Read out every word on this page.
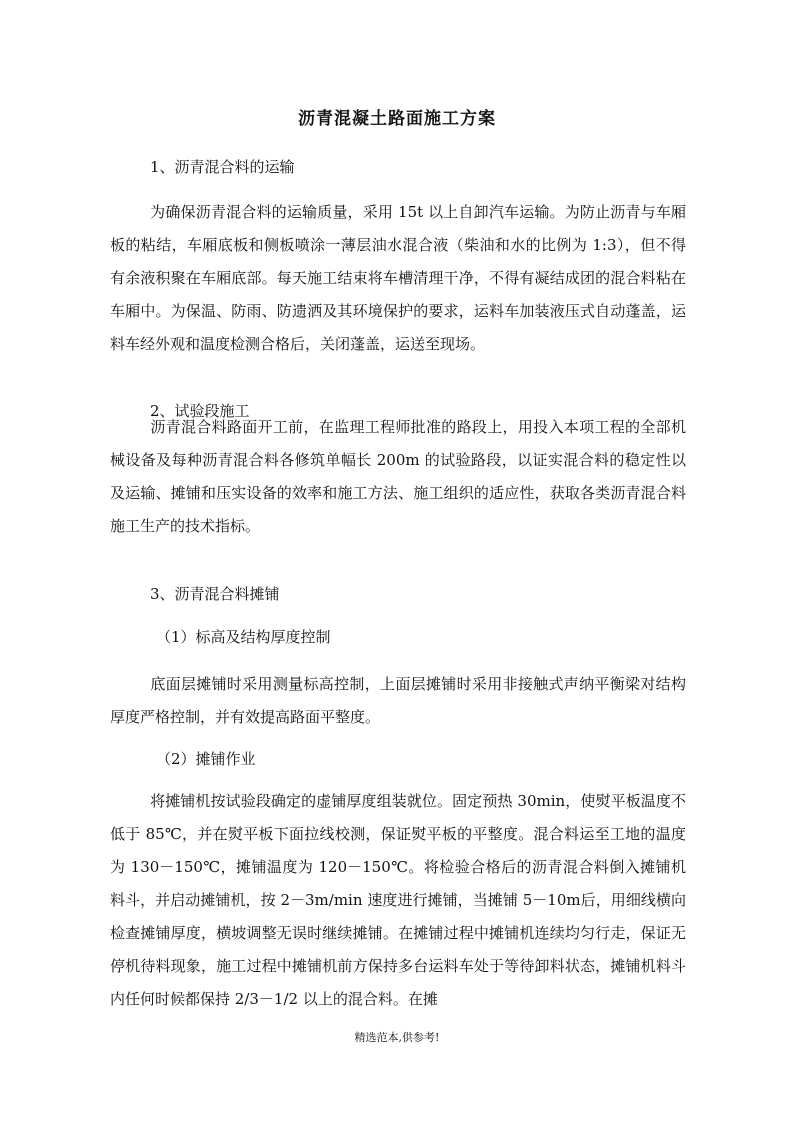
沥青混凝土路面施工方案
1、沥青混合料的运输
为确保沥青混合料的运输质量，采用 15t 以上自卸汽车运输。为防止沥青与车厢板的粘结，车厢底板和侧板喷涂一薄层油水混合液（柴油和水的比例为 1:3），但不得有余液积聚在车厢底部。每天施工结束将车槽清理干净，不得有凝结成团的混合料粘在车厢中。为保温、防雨、防遗洒及其环境保护的要求，运料车加装液压式自动蓬盖，运料车经外观和温度检测合格后，关闭蓬盖，运送至现场。
2、试验段施工
沥青混合料路面开工前，在监理工程师批准的路段上，用投入本项工程的全部机械设备及每种沥青混合料各修筑单幅长 200m 的试验路段，以证实混合料的稳定性以及运输、摊铺和压实设备的效率和施工方法、施工组织的适应性，获取各类沥青混合料施工生产的技术指标。
3、沥青混合料摊铺
（1）标高及结构厚度控制
底面层摊铺时采用测量标高控制，上面层摊铺时采用非接触式声纳平衡梁对结构厚度严格控制，并有效提高路面平整度。
（2）摊铺作业
将摊铺机按试验段确定的虚铺厚度组装就位。固定预热 30min，使熨平板温度不低于 85℃，并在熨平板下面拉线校测，保证熨平板的平整度。混合料运至工地的温度为 130－150℃，摊铺温度为 120－150℃。将检验合格后的沥青混合料倒入摊铺机料斗，并启动摊铺机，按 2－3m/min 速度进行摊铺，当摊铺 5－10m后，用细线横向检查摊铺厚度，横坡调整无误时继续摊铺。在摊铺过程中摊铺机连续均匀行走，保证无停机待料现象，施工过程中摊铺机前方保持多台运料车处于等待卸料状态，摊铺机料斗内任何时候都保持 2/3－1/2 以上的混合料。在摊
精选范本,供参考!
